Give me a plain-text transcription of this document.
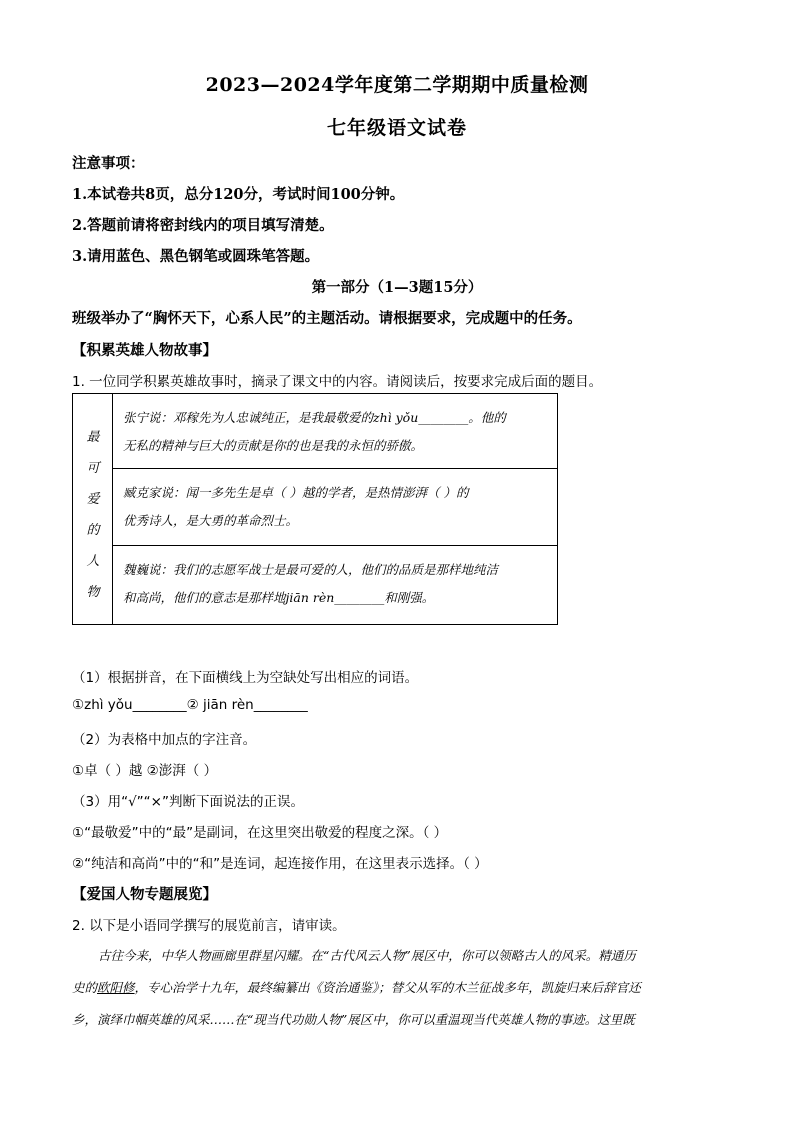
2023—2024学年度第二学期期中质量检测
七年级语文试卷
注意事项：
1.本试卷共8页，总分120分，考试时间100分钟。
2.答题前请将密封线内的项目填写清楚。
3.请用蓝色、黑色钢笔或圆珠笔答题。
第一部分（1—3题15分）
班级举办了“胸怀天下，心系人民”的主题活动。请根据要求，完成题中的任务。
【积累英雄人物故事】
1. 一位同学积累英雄故事时，摘录了课文中的内容。请阅读后，按要求完成后面的题目。
最
可
爱
的
人
物
张宁说：邓稼先为人忠诚纯正，是我最敬爱的zhì yǒu________。他的
无私的精神与巨大的贡献是你的也是我的永恒的骄傲。
臧克家说：闻一多先生是卓（ ）越的学者，是热情澎湃（ ）的
优秀诗人，是大勇的革命烈士。
魏巍说：我们的志愿军战士是最可爱的人，他们的品质是那样地纯洁
和高尚，他们的意志是那样地jiān rèn________和刚强。
（1）根据拼音，在下面横线上为空缺处写出相应的词语。
①zhì yǒu________② jiān rèn________
（2）为表格中加点的字注音。
①卓（ ）越 ②澎湃（ ）
（3）用“√”“×”判断下面说法的正误。
①“最敬爱”中的“最”是副词，在这里突出敬爱的程度之深。（ ）
②“纯洁和高尚”中的“和”是连词，起连接作用，在这里表示选择。（ ）
【爱国人物专题展览】
2. 以下是小语同学撰写的展览前言，请审读。
古往今来，中华人物画廊里群星闪耀。在“古代风云人物”展区中，你可以领略古人的风采。精通历
史的欧阳修，专心治学十九年，最终编纂出《资治通鉴》；替父从军的木兰征战多年，凯旋归来后辞官还
乡，演绎巾帼英雄的风采……在“现当代功勋人物”展区中，你可以重温现当代英雄人物的事迹。这里既
